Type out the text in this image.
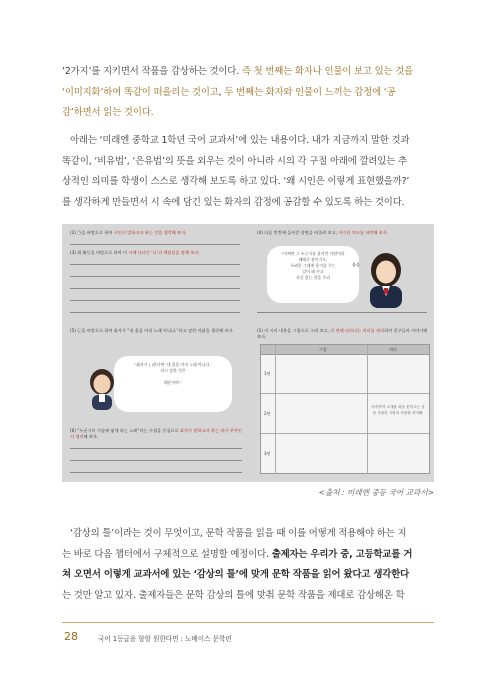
‘2가지’를 지키면서 작품을 감상하는 것이다. 즉 첫 번째는 화자나 인물이 보고 있는 것을
‘이미지화’하여 똑같이 떠올리는 것이고, 두 번째는 화자와 인물이 느끼는 감정에 ‘공
감’하면서 읽는 것이다.
아래는 ‘미래엔 중학교 1학년 국어 교과서’에 있는 내용이다. 내가 지금까지 말한 것과
똑같이, ‘비유법’, ‘은유법’의 뜻을 외우는 것이 아니라 시의 각 구절 아래에 깔려있는 추
상적인 의미를 학생이 스스로 생각해 보도록 하고 있다. ‘왜 시인은 이렇게 표현했을까?’
를 생각하게 만들면서 시 속에 담긴 있는 화자의 감정에 공감할 수 있도록 하는 것이다.
(2) ㉠을 바탕으로 하여 시인이 말하고자 하는 것을 생각해 보자.
(3) 위 활동을 바탕으로 하여 이 시에 나타난 ‘나’의 깨달음을 말해 보자.
(5) ㉡을 바탕으로 하여 화자가 “내 울음 아직 노래 아니다.”라고 말한 까닭을 생각해 보자.
“화자가 ( )한다면 ‘내 울음 아직 노래 아니다.’
라고 말한 것은

때문이야.”
(6) “누군가의 가슴에 닿게 하는 노래”라는 구절을 중심으로 화자가 말하고자 하는 바가 무엇인지 생각해 보자.
(4) 다음 빈칸에 들어갈 장면을 떠올려 보고, 자기의 의도를 파악해 보자.
“어쩌면 그 누군가를 찾지만 사람이라
때때로 잠이기도,
두려운 그에게 용기를 주는
일이 돼 주고
자신 있는 것을 주리
울음
(1) 이 시의 내용을 그림으로 그려 보고, 각 연에 나타나는 의미를 정리하여 친구들과 이야기해 보자.
그림	의미
1연
2연
3연
아직까지 고개를 쳐올 못하고는 것
을 사랑한 사람의 사랑을 의미해.
<출처 : 미래엔 중등 국어 교과서>
‘감상의 틀’이라는 것이 무엇이고, 문학 작품을 읽을 때 이를 어떻게 적용해야 하는 지
는 바로 다음 챕터에서 구체적으로 설명할 예정이다. 출제자는 우리가 중, 고등학교를 거
쳐 오면서 이렇게 교과서에 있는 ‘감상의 틀’에 맞게 문학 작품을 읽어 왔다고 생각한다
는 것만 알고 있자. 출제자들은 문학 감상의 틀에 맞춰 문학 작품을 제대로 감상해온 학
28	국어 1등급을 향할 원한다면 : 노베이스 문학편
